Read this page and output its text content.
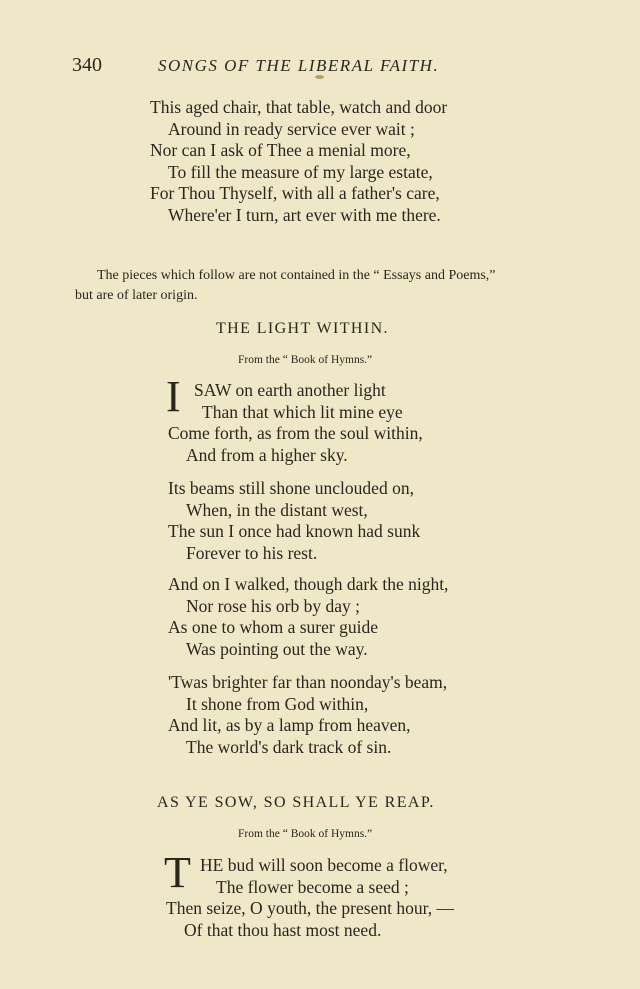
340	SONGS OF THE LIBERAL FAITH.
This aged chair, that table, watch and door
Around in ready service ever wait ;
Nor can I ask of Thee a menial more,
To fill the measure of my large estate,
For Thou Thyself, with all a father's care,
Where'er I turn, art ever with me there.
The pieces which follow are not contained in the “ Essays and Poems,”
but are of later origin.
THE LIGHT WITHIN.
From the “ Book of Hymns.”
I SAW on earth another light
Than that which lit mine eye
Come forth, as from the soul within,
And from a higher sky.
Its beams still shone unclouded on,
When, in the distant west,
The sun I once had known had sunk
Forever to his rest.
And on I walked, though dark the night,
Nor rose his orb by day ;
As one to whom a surer guide
Was pointing out the way.
'Twas brighter far than noonday's beam,
It shone from God within,
And lit, as by a lamp from heaven,
The world's dark track of sin.
AS YE SOW, SO SHALL YE REAP.
From the “ Book of Hymns.”
T HE bud will soon become a flower,
The flower become a seed ;
Then seize, O youth, the present hour, —
Of that thou hast most need.
